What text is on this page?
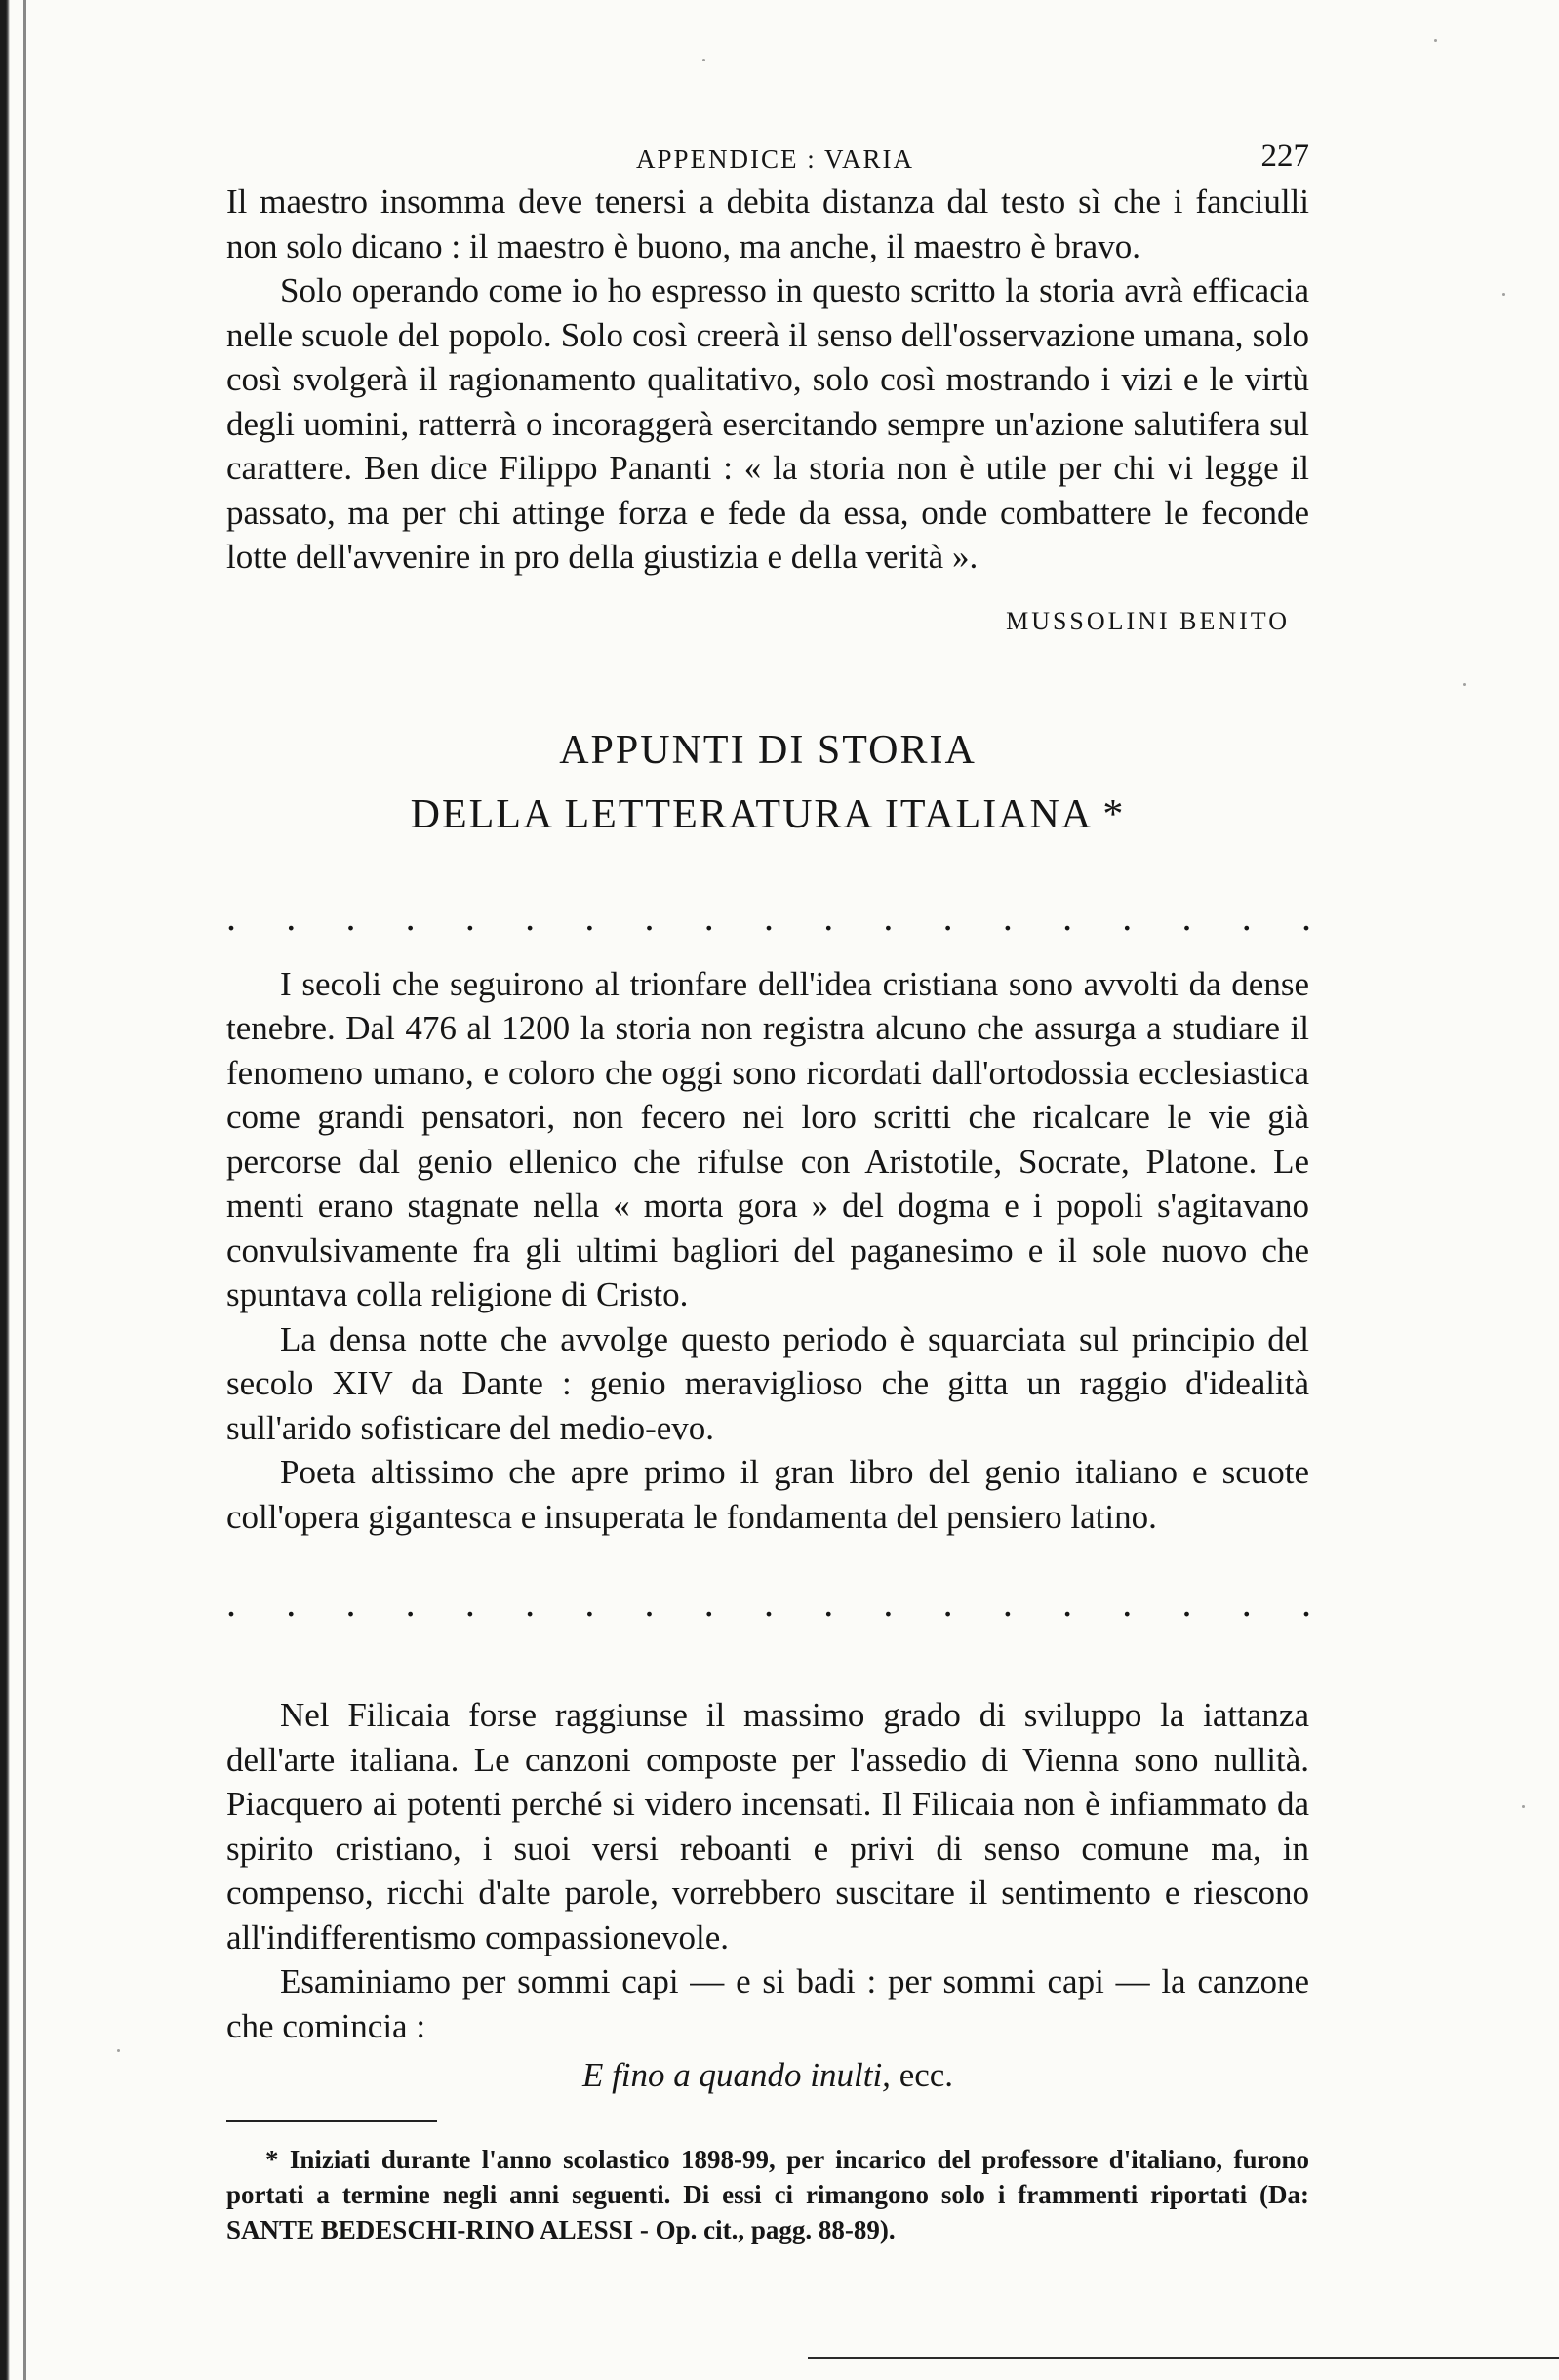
APPENDICE : VARIA	227

Il maestro insomma deve tenersi a debita distanza dal testo sì che i fanciulli non solo dicano : il maestro è buono, ma anche, il maestro è bravo.

Solo operando come io ho espresso in questo scritto la storia avrà efficacia nelle scuole del popolo. Solo così creerà il senso dell'osservazione umana, solo così svolgerà il ragionamento qualitativo, solo così mostrando i vizi e le virtù degli uomini, ratterrà o incoraggerà esercitando sempre un'azione salutifera sul carattere. Ben dice Filippo Pananti : « la storia non è utile per chi vi legge il passato, ma per chi attinge forza e fede da essa, onde combattere le feconde lotte dell'avvenire in pro della giustizia e della verità ».

MUSSOLINI BENITO
APPUNTI DI STORIA
DELLA LETTERATURA ITALIANA *
. . . . . . . . . . . . . . . . . . .

I secoli che seguirono al trionfare dell'idea cristiana sono avvolti da dense tenebre. Dal 476 al 1200 la storia non registra alcuno che assurga a studiare il fenomeno umano, e coloro che oggi sono ricordati dall'ortodossia ecclesiastica come grandi pensatori, non fecero nei loro scritti che ricalcare le vie già percorse dal genio ellenico che rifulse con Aristotile, Socrate, Platone. Le menti erano stagnate nella « morta gora » del dogma e i popoli s'agitavano convulsivamente fra gli ultimi bagliori del paganesimo e il sole nuovo che spuntava colla religione di Cristo.

La densa notte che avvolge questo periodo è squarciata sul principio del secolo XIV da Dante : genio meraviglioso che gitta un raggio d'idealità sull'arido sofisticare del medio-evo.

Poeta altissimo che apre primo il gran libro del genio italiano e scuote coll'opera gigantesca e insuperata le fondamenta del pensiero latino.

. . . . . . . . . . . . . . . . . . .

Nel Filicaia forse raggiunse il massimo grado di sviluppo la iattanza dell'arte italiana. Le canzoni composte per l'assedio di Vienna sono nullità. Piacquero ai potenti perché si videro incensati. Il Filicaia non è infiammato da spirito cristiano, i suoi versi reboanti e privi di senso comune ma, in compenso, ricchi d'alte parole, vorrebbero suscitare il sentimento e riescono all'indifferentismo compassionevole.

Esaminiamo per sommi capi — e si badi : per sommi capi — la canzone che comincia :

E fino a quando inulti, ecc.

* Iniziati durante l'anno scolastico 1898-99, per incarico del professore d'italiano, furono portati a termine negli anni seguenti. Di essi ci rimangono solo i frammenti riportati (Da: SANTE BEDESCHI-RINO ALESSI - Op. cit., pagg. 88-89).
